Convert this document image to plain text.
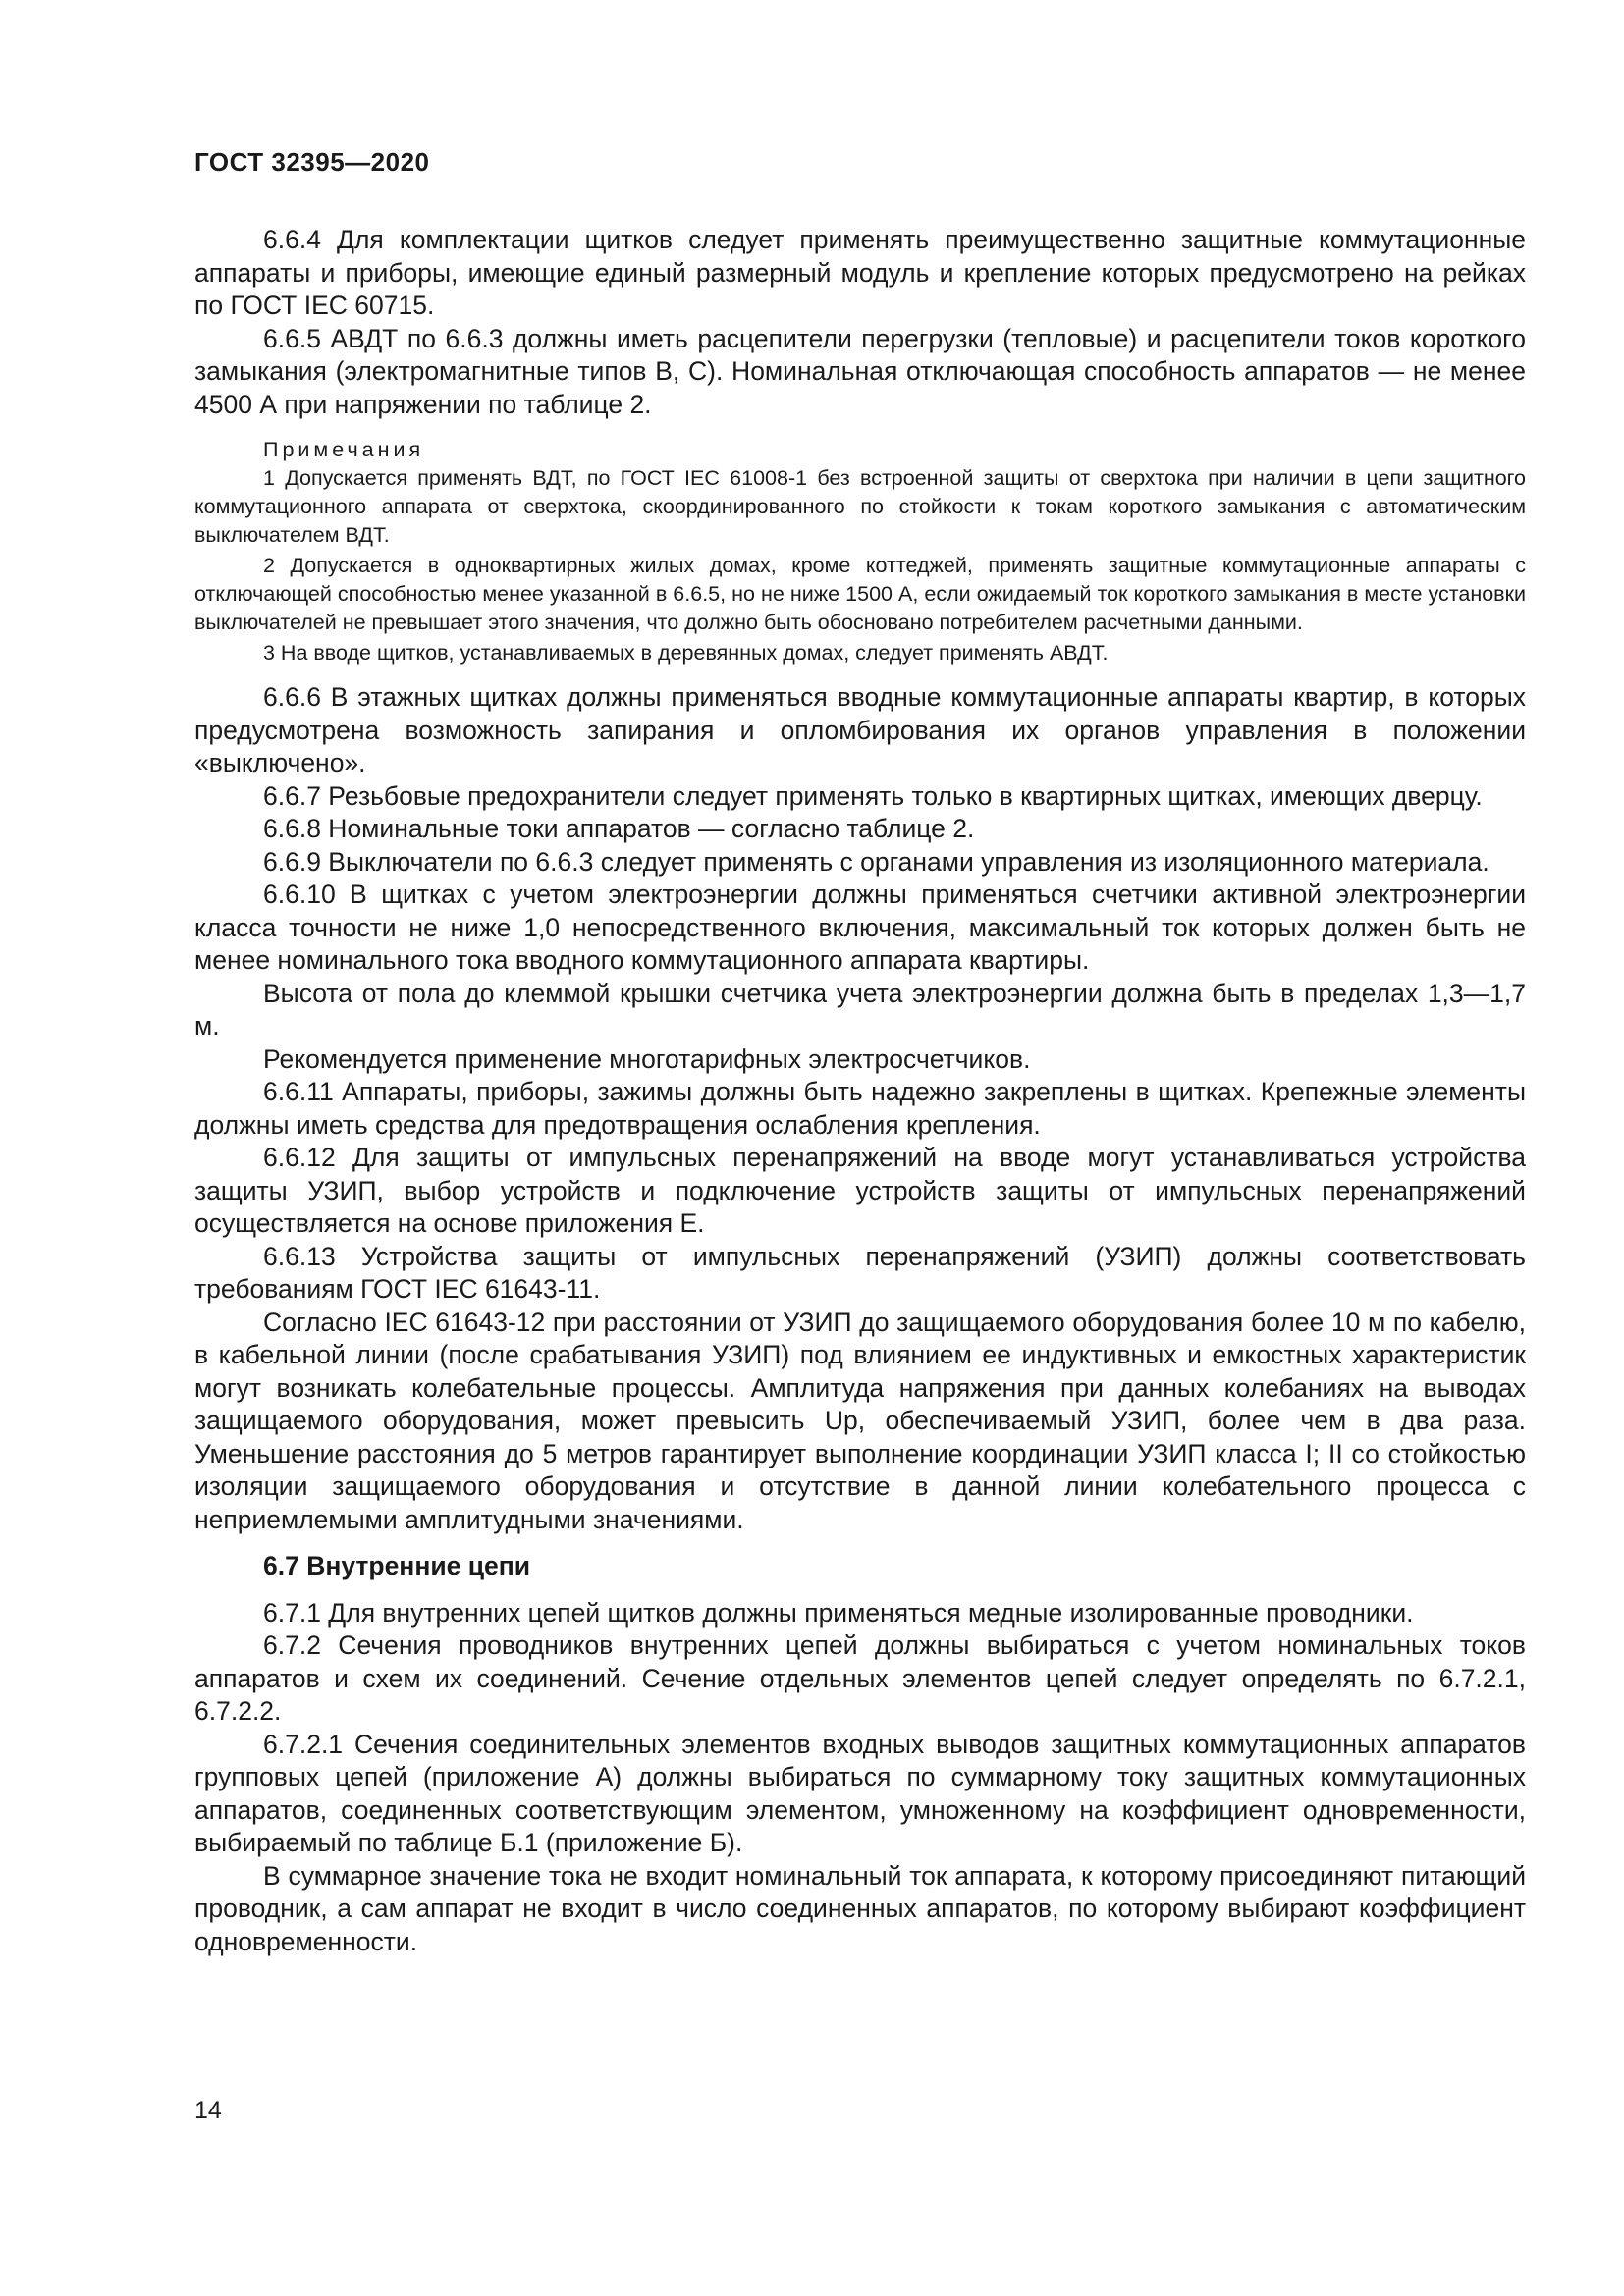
ГОСТ 32395—2020

6.6.4 Для комплектации щитков следует применять преимущественно защитные коммутационные аппараты и приборы, имеющие единый размерный модуль и крепление которых предусмотрено на рейках по ГОСТ IEC 60715.

6.6.5 АВДТ по 6.6.3 должны иметь расцепители перегрузки (тепловые) и расцепители токов короткого замыкания (электромагнитные типов B, C). Номинальная отключающая способность аппаратов — не менее 4500 А при напряжении по таблице 2.

Примечания

1 Допускается применять ВДТ, по ГОСТ IEC 61008-1 без встроенной защиты от сверхтока при наличии в цепи защитного коммутационного аппарата от сверхтока, скоординированного по стойкости к токам короткого замыкания с автоматическим выключателем ВДТ.

2 Допускается в одноквартирных жилых домах, кроме коттеджей, применять защитные коммутационные аппараты с отключающей способностью менее указанной в 6.6.5, но не ниже 1500 А, если ожидаемый ток короткого замыкания в месте установки выключателей не превышает этого значения, что должно быть обосновано потребителем расчетными данными.

3 На вводе щитков, устанавливаемых в деревянных домах, следует применять АВДТ.

6.6.6 В этажных щитках должны применяться вводные коммутационные аппараты квартир, в которых предусмотрена возможность запирания и опломбирования их органов управления в положении «выключено».

6.6.7 Резьбовые предохранители следует применять только в квартирных щитках, имеющих дверцу.

6.6.8 Номинальные токи аппаратов — согласно таблице 2.

6.6.9 Выключатели по 6.6.3 следует применять с органами управления из изоляционного материала.

6.6.10 В щитках с учетом электроэнергии должны применяться счетчики активной электроэнергии класса точности не ниже 1,0 непосредственного включения, максимальный ток которых должен быть не менее номинального тока вводного коммутационного аппарата квартиры.

Высота от пола до клеммой крышки счетчика учета электроэнергии должна быть в пределах 1,3—1,7 м.

Рекомендуется применение многотарифных электросчетчиков.

6.6.11 Аппараты, приборы, зажимы должны быть надежно закреплены в щитках. Крепежные элементы должны иметь средства для предотвращения ослабления крепления.

6.6.12 Для защиты от импульсных перенапряжений на вводе могут устанавливаться устройства защиты УЗИП, выбор устройств и подключение устройств защиты от импульсных перенапряжений осуществляется на основе приложения Е.

6.6.13 Устройства защиты от импульсных перенапряжений (УЗИП) должны соответствовать требованиям ГОСТ IEC 61643-11.

Согласно IEC 61643-12 при расстоянии от УЗИП до защищаемого оборудования более 10 м по кабелю, в кабельной линии (после срабатывания УЗИП) под влиянием ее индуктивных и емкостных характеристик могут возникать колебательные процессы. Амплитуда напряжения при данных колебаниях на выводах защищаемого оборудования, может превысить Up, обеспечиваемый УЗИП, более чем в два раза. Уменьшение расстояния до 5 метров гарантирует выполнение координации УЗИП класса I; II со стойкостью изоляции защищаемого оборудования и отсутствие в данной линии колебательного процесса с неприемлемыми амплитудными значениями.

6.7 Внутренние цепи

6.7.1 Для внутренних цепей щитков должны применяться медные изолированные проводники.

6.7.2 Сечения проводников внутренних цепей должны выбираться с учетом номинальных токов аппаратов и схем их соединений. Сечение отдельных элементов цепей следует определять по 6.7.2.1, 6.7.2.2.

6.7.2.1 Сечения соединительных элементов входных выводов защитных коммутационных аппаратов групповых цепей (приложение А) должны выбираться по суммарному току защитных коммутационных аппаратов, соединенных соответствующим элементом, умноженному на коэффициент одновременности, выбираемый по таблице Б.1 (приложение Б).

В суммарное значение тока не входит номинальный ток аппарата, к которому присоединяют питающий проводник, а сам аппарат не входит в число соединенных аппаратов, по которому выбирают коэффициент одновременности.

14
